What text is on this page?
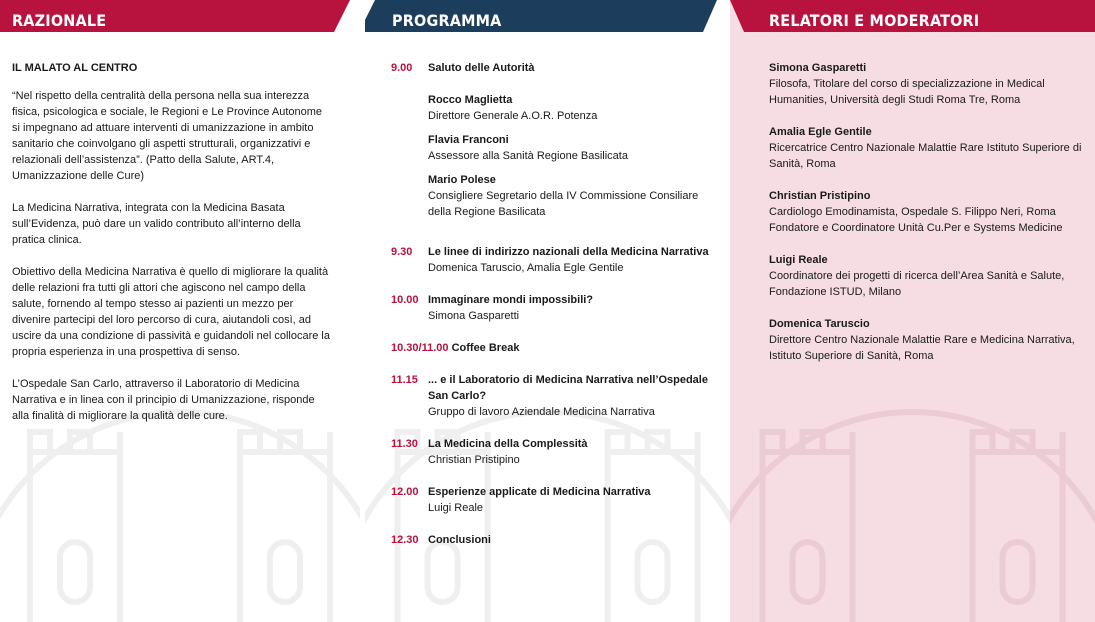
RAZIONALE

IL MALATO AL CENTRO

“Nel rispetto della centralità della persona nella sua interezza fisica, psicologica e sociale, le Regioni e Le Province Autonome si impegnano ad attuare interventi di umanizzazione in ambito sanitario che coinvolgano gli aspetti strutturali, organizzativi e relazionali dell’assistenza”. (Patto della Salute, ART.4, Umanizzazione delle Cure)

La Medicina Narrativa, integrata con la Medicina Basata sull’Evidenza, può dare un valido contributo all’interno della pratica clinica.

Obiettivo della Medicina Narrativa è quello di migliorare la qualità delle relazioni fra tutti gli attori che agiscono nel campo della salute, fornendo al tempo stesso ai pazienti un mezzo per divenire partecipi del loro percorso di cura, aiutandoli così, ad uscire da una condizione di passività e guidandoli nel collocare la propria esperienza in una prospettiva di senso.

L’Ospedale San Carlo, attraverso il Laboratorio di Medicina Narrativa e in linea con il principio di Umanizzazione, risponde alla finalità di migliorare la qualità delle cure.

PROGRAMMA
9.00 Saluto delle Autorità
Rocco Maglietta
Direttore Generale A.O.R. Potenza
Flavia Franconi
Assessore alla Sanità Regione Basilicata
Mario Polese
Consigliere Segretario della IV Commissione Consiliare della Regione Basilicata
9.30 Le linee di indirizzo nazionali della Medicina Narrativa
Domenica Taruscio, Amalia Egle Gentile
10.00 Immaginare mondi impossibili?
Simona Gasparetti
10.30/11.00 Coffee Break
11.15 ... e il Laboratorio di Medicina Narrativa nell’Ospedale San Carlo?
Gruppo di lavoro Aziendale Medicina Narrativa
11.30 La Medicina della Complessità
Christian Pristipino
12.00 Esperienze applicate di Medicina Narrativa
Luigi Reale
12.30 Conclusioni
RELATORI E MODERATORI
Simona Gasparetti
Filosofa, Titolare del corso di specializzazione in Medical Humanities, Università degli Studi Roma Tre, Roma
Amalia Egle Gentile
Ricercatrice Centro Nazionale Malattie Rare Istituto Superiore di Sanità, Roma
Christian Pristipino
Cardiologo Emodinamista, Ospedale S. Filippo Neri, Roma Fondatore e Coordinatore Unità Cu.Per e Systems Medicine
Luigi Reale
Coordinatore dei progetti di ricerca dell’Area Sanità e Salute, Fondazione ISTUD, Milano
Domenica Taruscio
Direttore Centro Nazionale Malattie Rare e Medicina Narrativa, Istituto Superiore di Sanità, Roma
